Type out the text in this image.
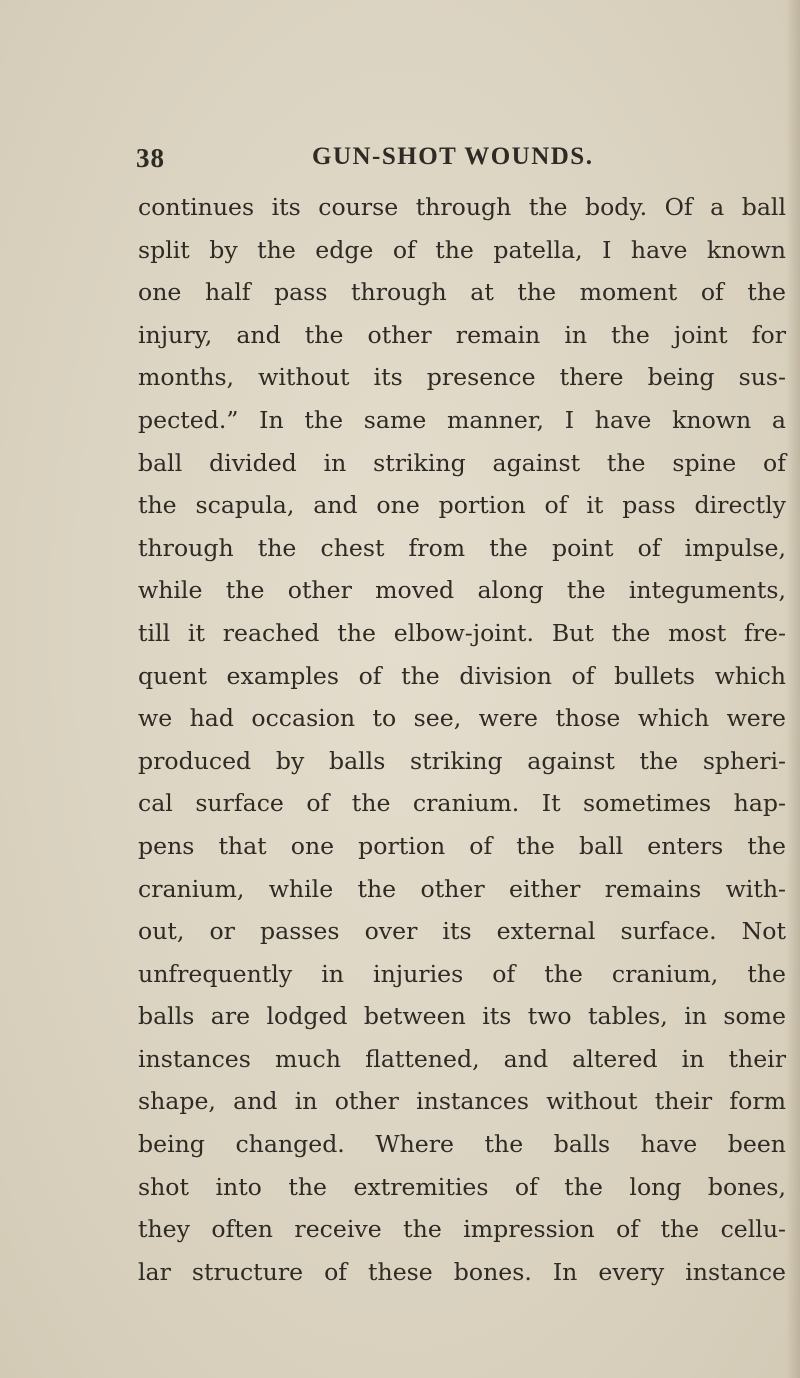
38	GUN-SHOT WOUNDS.
continues its course through the body. Of a ball
split by the edge of the patella, I have known
one half pass through at the moment of the
injury, and the other remain in the joint for
months, without its presence there being sus-
pected.” In the same manner, I have known a
ball divided in striking against the spine of
the scapula, and one portion of it pass directly
through the chest from the point of impulse,
while the other moved along the integuments,
till it reached the elbow-joint. But the most fre-
quent examples of the division of bullets which
we had occasion to see, were those which were
produced by balls striking against the spheri-
cal surface of the cranium. It sometimes hap-
pens that one portion of the ball enters the
cranium, while the other either remains with-
out, or passes over its external surface. Not
unfrequently in injuries of the cranium, the
balls are lodged between its two tables, in some
instances much flattened, and altered in their
shape, and in other instances without their form
being changed. Where the balls have been
shot into the extremities of the long bones,
they often receive the impression of the cellu-
lar structure of these bones. In every instance
